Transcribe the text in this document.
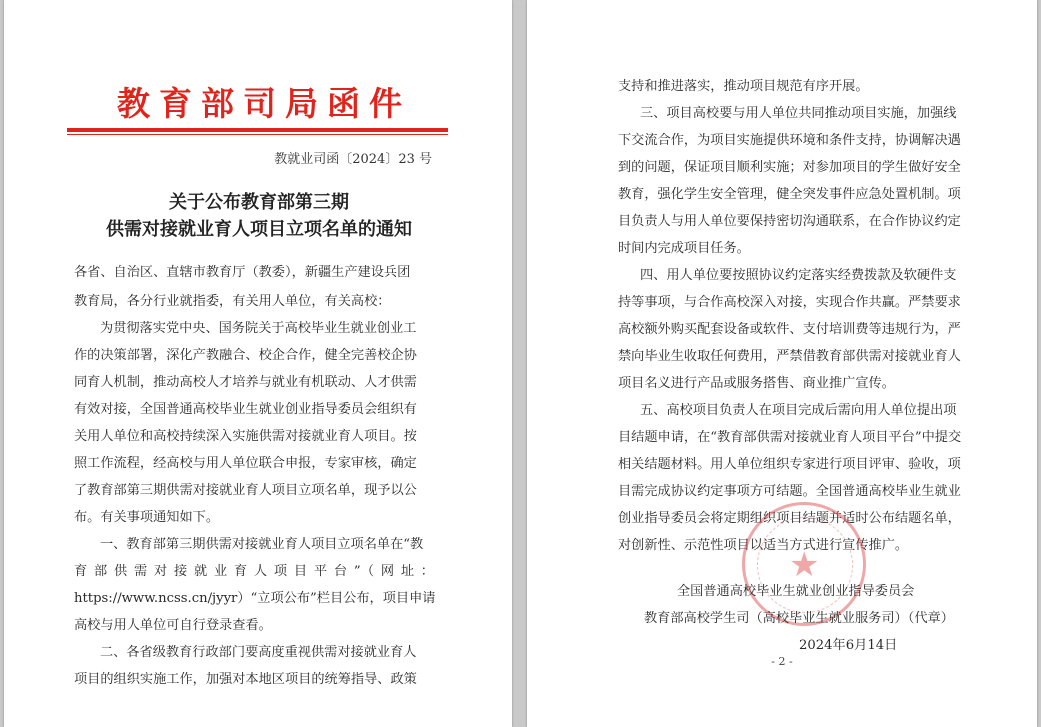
教育部司局函件
教就业司函〔2024〕23 号
关于公布教育部第三期
供需对接就业育人项目立项名单的通知
各省、自治区、直辖市教育厅（教委），新疆生产建设兵团
教育局，各分行业就指委，有关用人单位，有关高校：
为贯彻落实党中央、国务院关于高校毕业生就业创业工
作的决策部署，深化产教融合、校企合作，健全完善校企协
同育人机制，推动高校人才培养与就业有机联动、人才供需
有效对接，全国普通高校毕业生就业创业指导委员会组织有
关用人单位和高校持续深入实施供需对接就业育人项目。按
照工作流程，经高校与用人单位联合申报，专家审核，确定
了教育部第三期供需对接就业育人项目立项名单，现予以公
布。有关事项通知如下。
一、教育部第三期供需对接就业育人项目立项名单在“教
育部供需对接就业育人项目平台”（网址：
https://www.ncss.cn/jyyr）“立项公布”栏目公布，项目申请
高校与用人单位可自行登录查看。
二、各省级教育行政部门要高度重视供需对接就业育人
项目的组织实施工作，加强对本地区项目的统筹指导、政策
支持和推进落实，推动项目规范有序开展。
三、项目高校要与用人单位共同推动项目实施，加强线
下交流合作，为项目实施提供环境和条件支持，协调解决遇
到的问题，保证项目顺利实施；对参加项目的学生做好安全
教育，强化学生安全管理，健全突发事件应急处置机制。项
目负责人与用人单位要保持密切沟通联系，在合作协议约定
时间内完成项目任务。
四、用人单位要按照协议约定落实经费拨款及软硬件支
持等事项，与合作高校深入对接，实现合作共赢。严禁要求
高校额外购买配套设备或软件、支付培训费等违规行为，严
禁向毕业生收取任何费用，严禁借教育部供需对接就业育人
项目名义进行产品或服务搭售、商业推广宣传。
五、高校项目负责人在项目完成后需向用人单位提出项
目结题申请，在“教育部供需对接就业育人项目平台”中提交
相关结题材料。用人单位组织专家进行项目评审、验收，项
目需完成协议约定事项方可结题。全国普通高校毕业生就业
创业指导委员会将定期组织项目结题并适时公布结题名单，
对创新性、示范性项目以适当方式进行宣传推广。
★
全国普通高校毕业生就业创业指导委员会
教育部高校学生司（高校毕业生就业服务司）（代章）
2024年6月14日
- 2 -
